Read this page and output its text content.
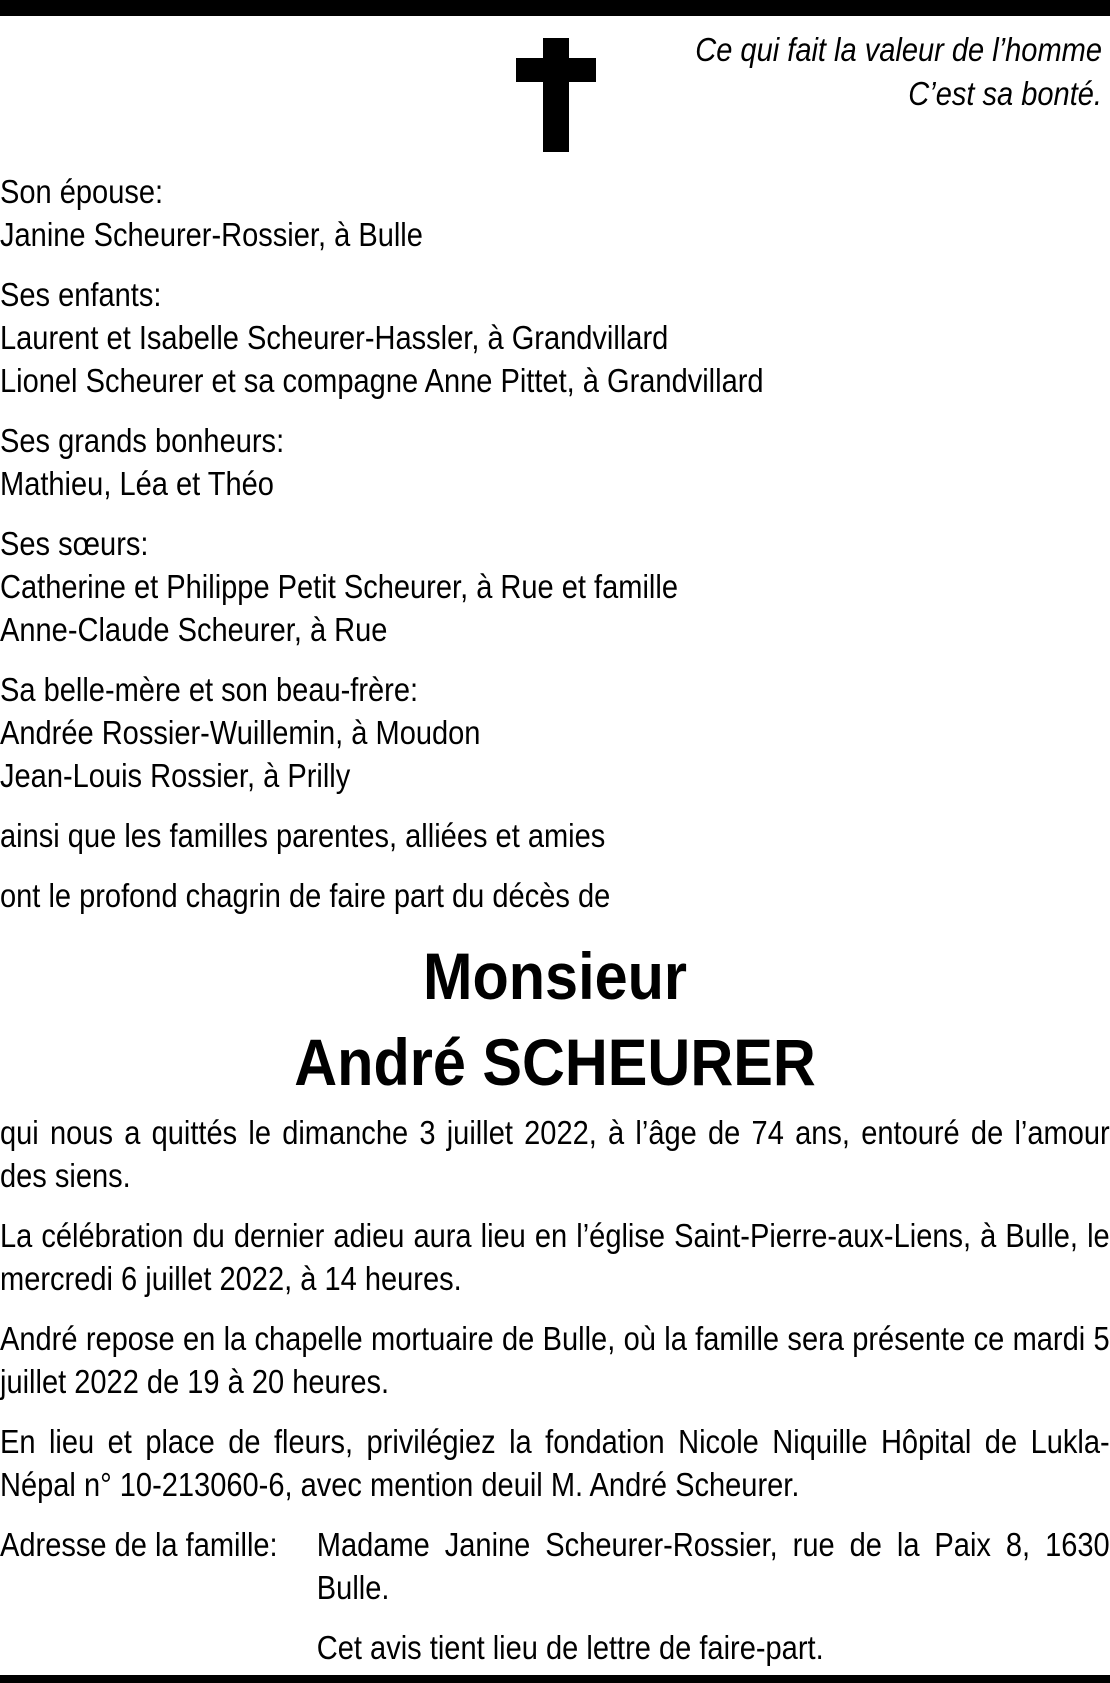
Ce qui fait la valeur de l’homme
C’est sa bonté.
Son épouse:
Janine Scheurer-Rossier, à Bulle
Ses enfants:
Laurent et Isabelle Scheurer-Hassler, à Grandvillard
Lionel Scheurer et sa compagne Anne Pittet, à Grandvillard
Ses grands bonheurs:
Mathieu, Léa et Théo
Ses sœurs:
Catherine et Philippe Petit Scheurer, à Rue et famille
Anne-Claude Scheurer, à Rue
Sa belle-mère et son beau-frère:
Andrée Rossier-Wuillemin, à Moudon
Jean-Louis Rossier, à Prilly
ainsi que les familles parentes, alliées et amies
ont le profond chagrin de faire part du décès de
Monsieur
André SCHEURER
qui nous a quittés le dimanche 3 juillet 2022, à l’âge de 74 ans, entouré de l’amour des siens.
La célébration du dernier adieu aura lieu en l’église Saint-Pierre-aux-Liens, à Bulle, le mercredi 6 juillet 2022, à 14 heures.
André repose en la chapelle mortuaire de Bulle, où la famille sera présente ce mardi 5 juillet 2022 de 19 à 20 heures.
En lieu et place de fleurs, privilégiez la fondation Nicole Niquille Hôpital de Lukla-Népal n° 10-213060-6, avec mention deuil M. André Scheurer.
Adresse de la famille:	Madame Janine Scheurer-Rossier, rue de la Paix 8, 1630 Bulle.
Cet avis tient lieu de lettre de faire-part.
